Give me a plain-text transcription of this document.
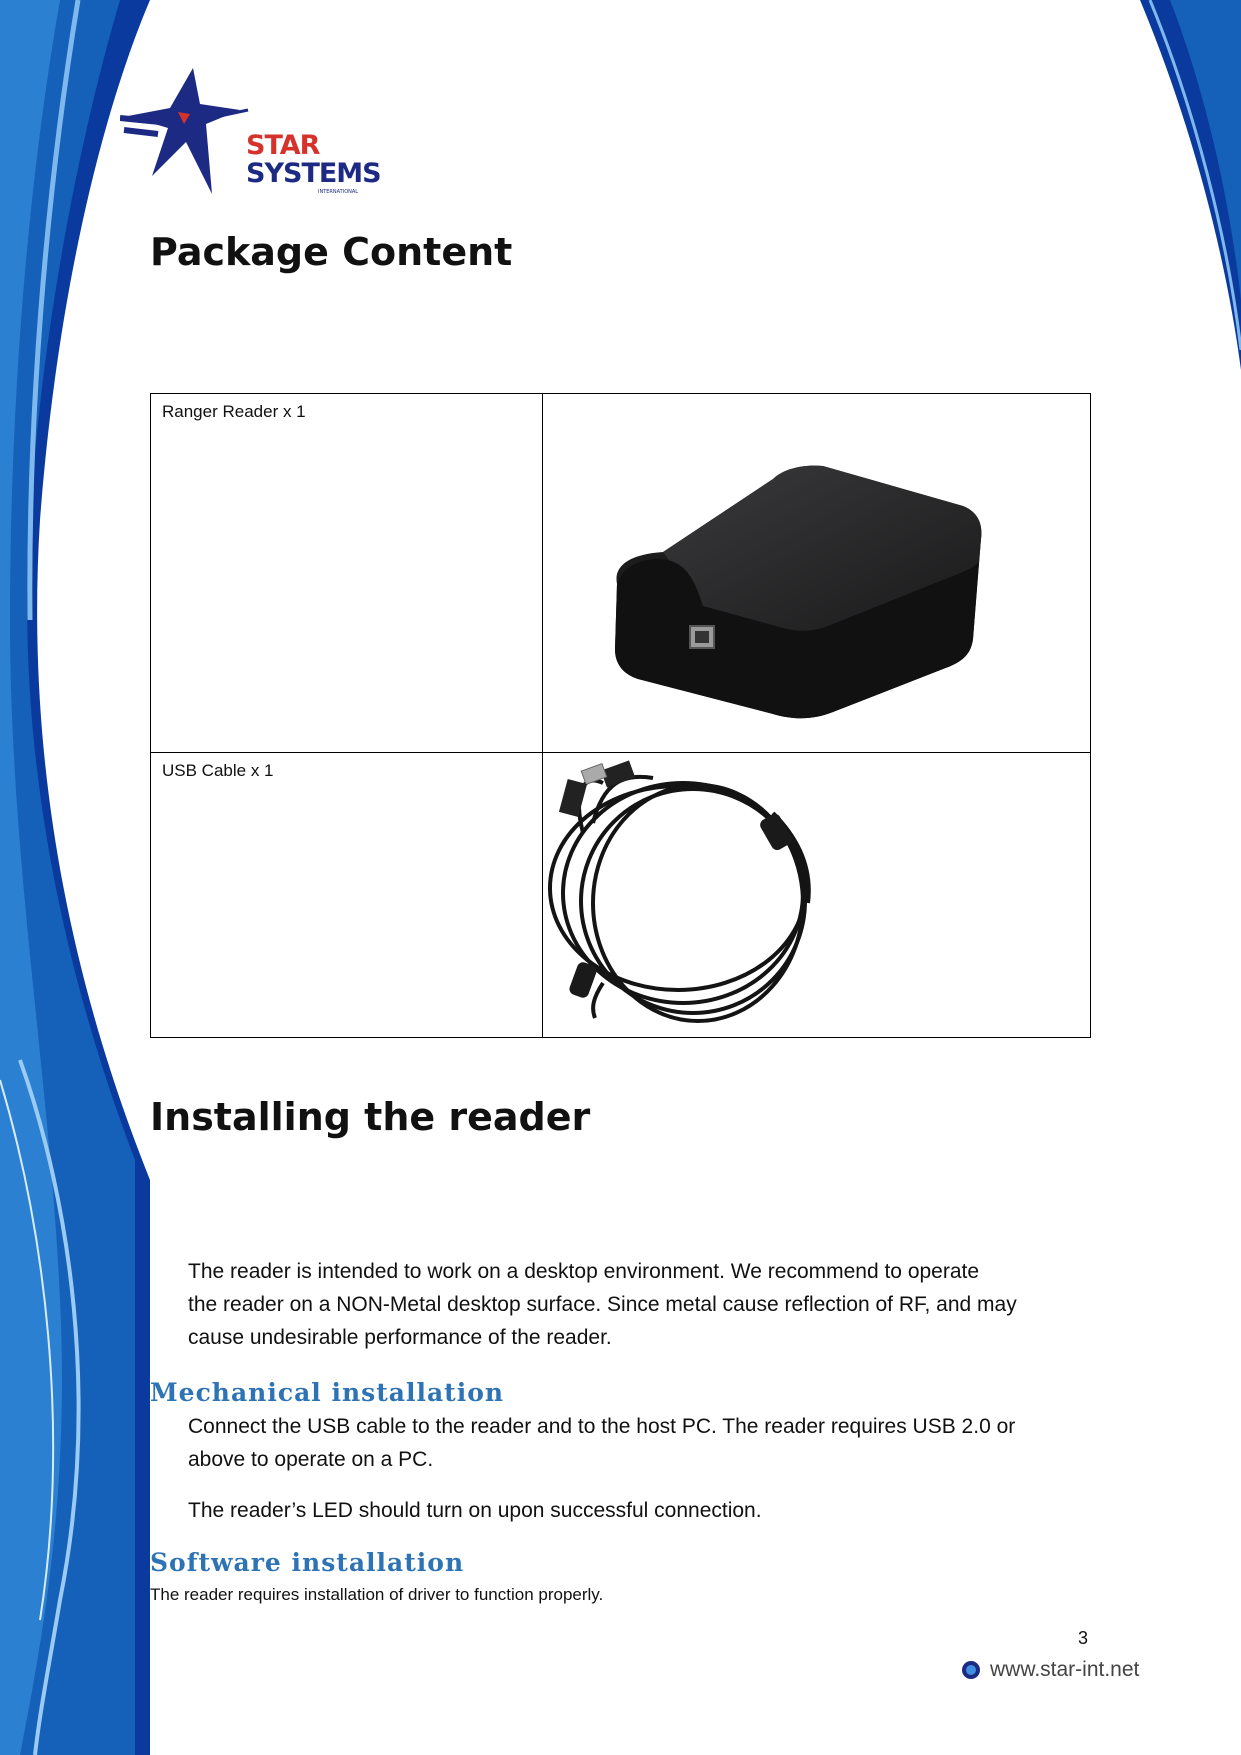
STAR
SYSTEMS
INTERNATIONAL
Package Content
Ranger Reader x 1	
USB Cable x 1	
Installing the reader

The reader is intended to work on a desktop environment. We recommend to operate
the reader on a NON-Metal desktop surface. Since metal cause reflection of RF, and may
cause undesirable performance of the reader.

Mechanical installation

Connect the USB cable to the reader and to the host PC. The reader requires USB 2.0 or
above to operate on a PC.

The reader’s LED should turn on upon successful connection.

Software installation

The reader requires installation of driver to function properly.

3
www.star-int.net
